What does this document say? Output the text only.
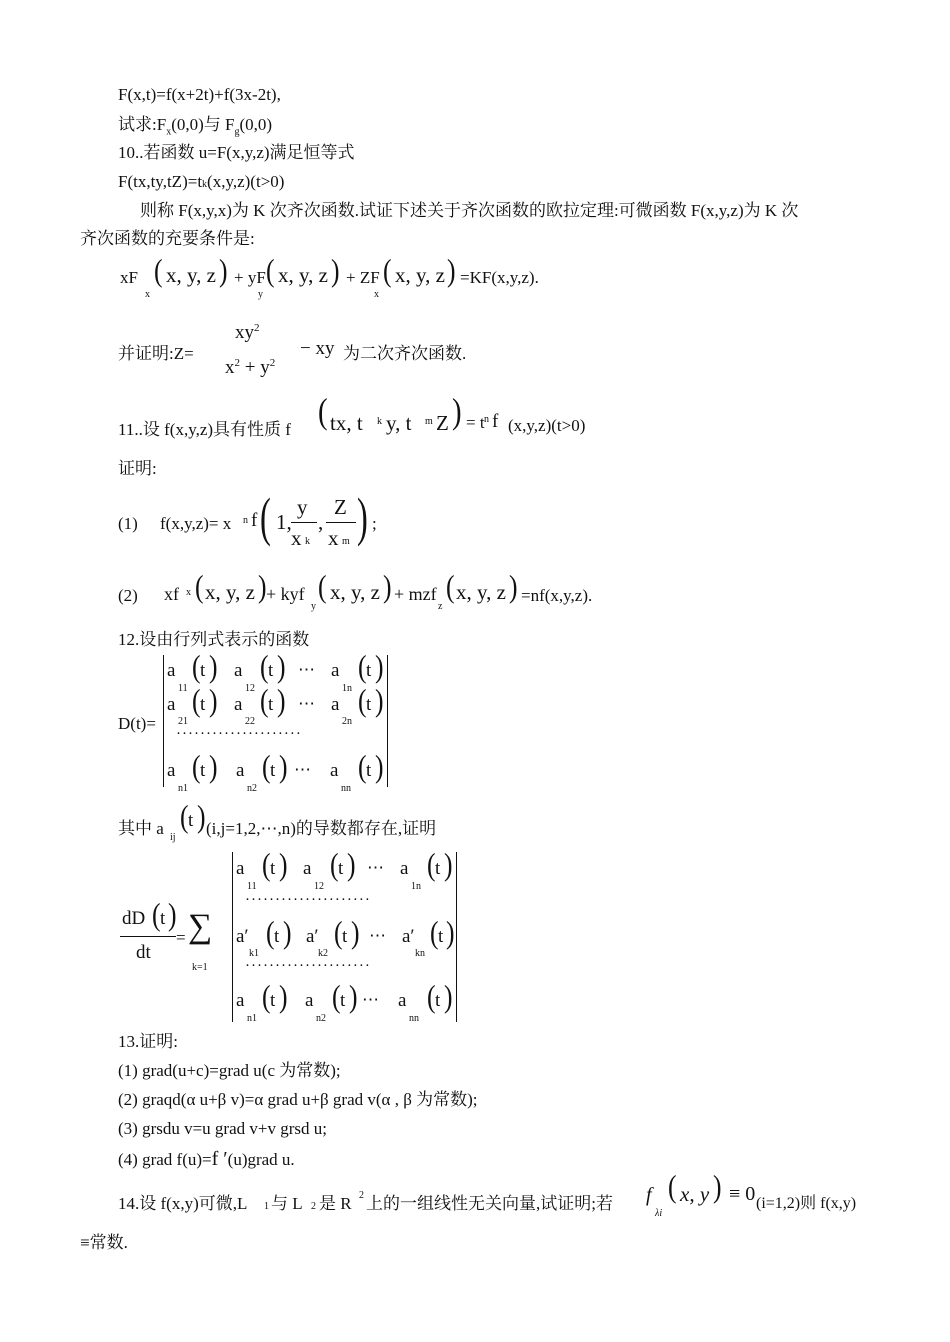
F(x,t)=f(x+2t)+f(3x-2t),
试求$:F_x(0,0)$与 $F_g(0,0)$
10..若函数 u=F(x,y,z)满足恒等式
F(tx,ty,tZ)=tk(x,y,z)(t>0)
则称 F(x,y,x)为 K 次齐次函数.试证下述关于齐次函数的欧拉定理:可微函数 F(x,y,z)为 K 次
齐次函数的充要条件是:
xF
x
( x, y, z ) + yF
y
( x, y, z ) + ZF
x
( x, y, z ) =KF(x,y,z).
并证明:Z=
$xy^2$
$x^2 + y^2$
− xy 为二次齐次函数.
11..设 f(x,y,z)具有性质 f ( tx, t k y, t m Z ) = t n f (x,y,z)(t>0)
证明:
(1) f(x,y,z)= x n f ( 1,
y
x k
,
Z
x m ) ;
(2) xf x ( x, y, z ) + kyf
y
( x, y, z ) + mzf
z
( x, y, z ) =nf(x,y,z).
12.设由行列式表示的函数
D(t)=
a
11
( t ) a
12
( t ) ⋯ a
1n
( t )
a
21
( t ) a
22
( t ) ⋯ a
2n
( t )
·····················
a
n1
( t ) a
n2
( t ) ⋯ a
nn
( t )
其中 a ij
( t ) (i,j=1,2,⋯,n)的导数都存在,证明
dD ( t )
dt
= ∑
k=1
a
11
( t ) a
12
( t ) ⋯ a
1n
( t )
·····················
a′
k1
( t ) a′
k2
( t ) ⋯ a′
kn
( t )
·····················
a
n1
( t ) a
n2
( t ) ⋯ a
nn
( t )
13.证明:
(1) grad(u+c)=grad u(c 为常数);
(2) graqd(α u+β v)=α grad u+β grad v(α , β 为常数);
(3) grsdu v=u grad v+v grsd u;
(4) grad f(u)=f ′(u)grad u.
14.设 f(x,y)可微,L 1 与 L 2 是 R 2 上的一组线性无关向量,试证明;若 f
λi
( x, y ) ≡ 0 (i=1,2)则 f(x,y)
≡常数.
